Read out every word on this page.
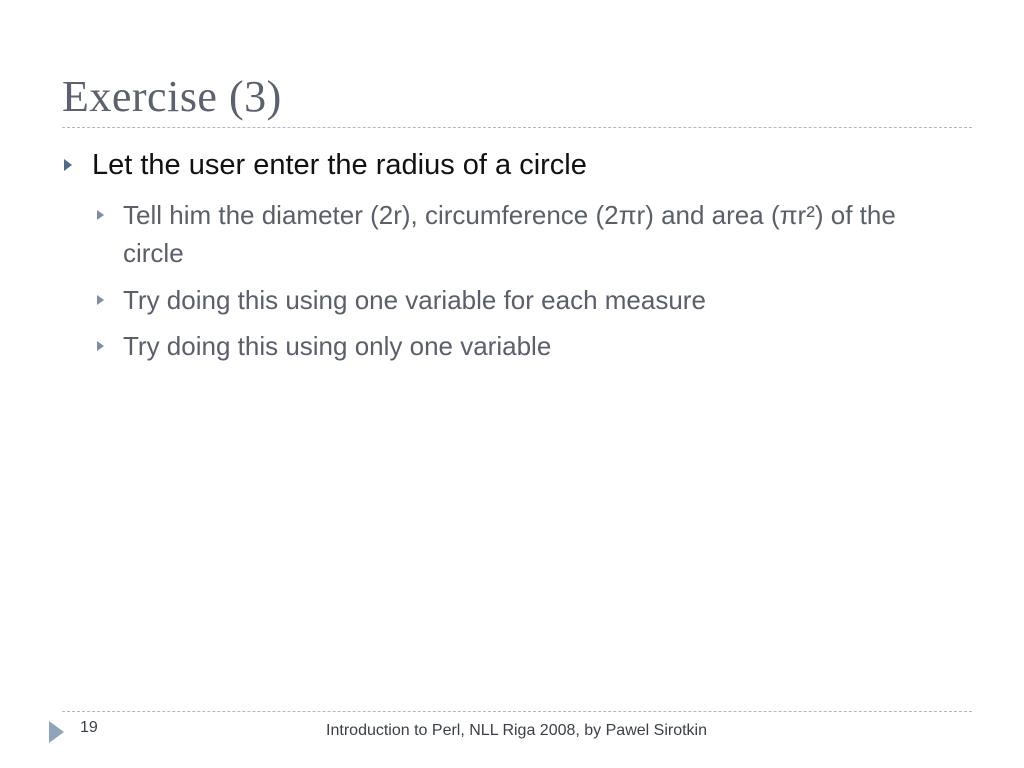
Exercise (3)
Let the user enter the radius of a circle
Tell him the diameter (2r), circumference (2πr) and area (πr²) of the circle
Try doing this using one variable for each measure
Try doing this using only one variable
19	Introduction to Perl, NLL Riga 2008, by Pawel Sirotkin
